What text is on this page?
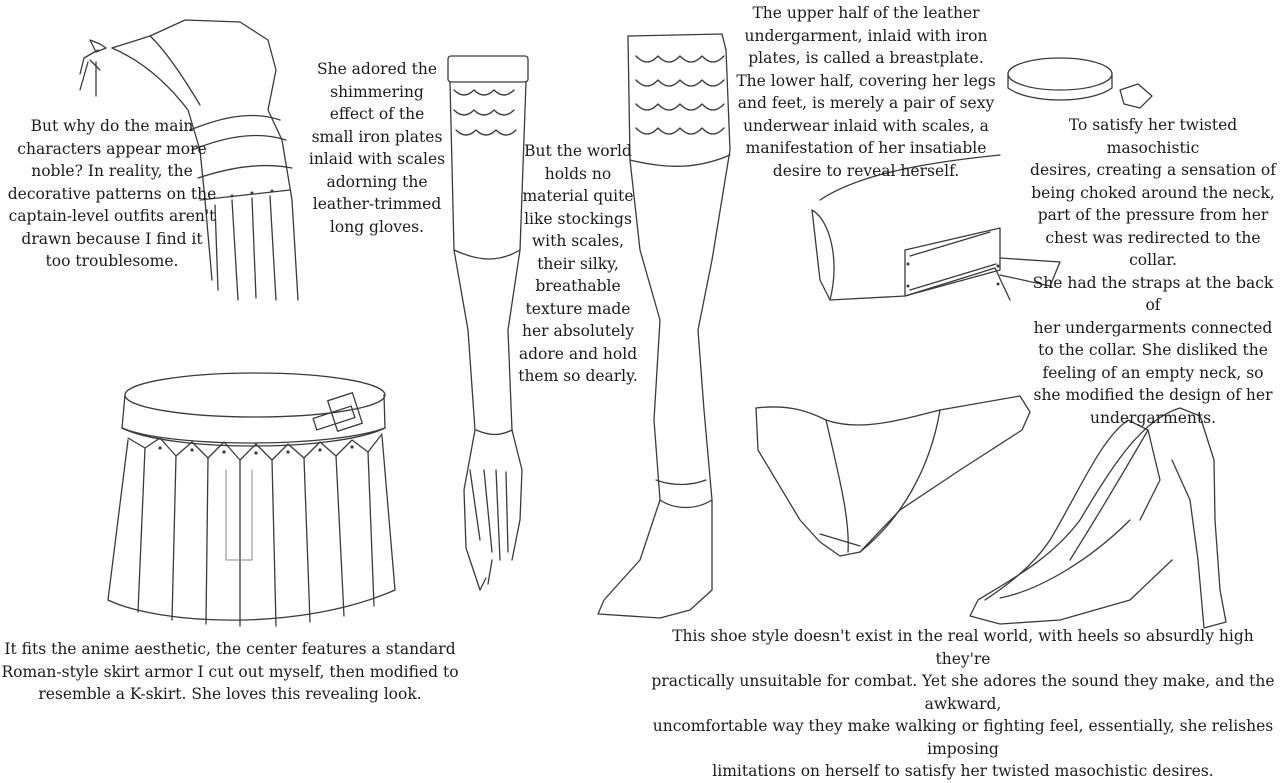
But why do the main
characters appear more
noble? In reality, the
decorative patterns on the
captain-level outfits aren't
drawn because I find it
too troublesome.
She adored the
shimmering
effect of the
small iron plates
inlaid with scales
adorning the
leather-trimmed
long gloves.
But the world
holds no
material quite
like stockings
with scales,
their silky,
breathable
texture made
her absolutely
adore and hold
them so dearly.
The upper half of the leather
undergarment, inlaid with iron
plates, is called a breastplate.
The lower half, covering her legs
and feet, is merely a pair of sexy
underwear inlaid with scales, a
manifestation of her insatiable
desire to reveal herself.
To satisfy her twisted masochistic
desires, creating a sensation of
being choked around the neck,
part of the pressure from her
chest was redirected to the collar.
She had the straps at the back of
her undergarments connected
to the collar. She disliked the
feeling of an empty neck, so
she modified the design of her
undergarments.
It fits the anime aesthetic, the center features a standard
Roman-style skirt armor I cut out myself, then modified to
resemble a K-skirt. She loves this revealing look.
This shoe style doesn't exist in the real world, with heels so absurdly high they're
practically unsuitable for combat. Yet she adores the sound they make, and the awkward,
uncomfortable way they make walking or fighting feel, essentially, she relishes imposing
limitations on herself to satisfy her twisted masochistic desires.
